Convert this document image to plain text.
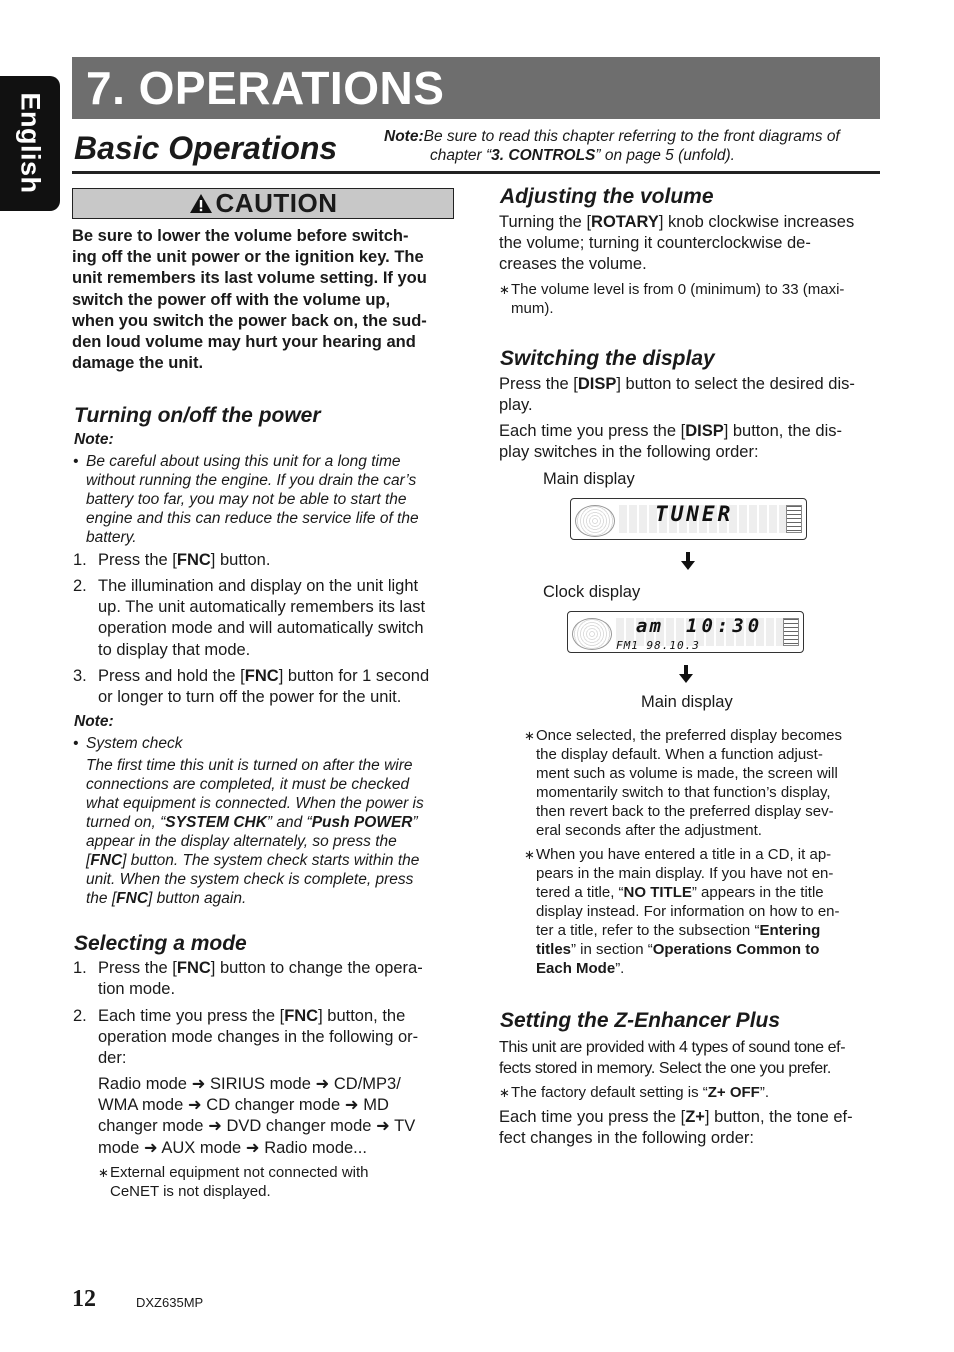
English
7. OPERATIONS
Basic Operations	Note:Be sure to read this chapter referring to the front diagrams of
chapter “3. CONTROLS” on page 5 (unfold).
CAUTION
Be sure to lower the volume before switch-
ing off the unit power or the ignition key. The
unit remembers its last volume setting. If you
switch the power off with the volume up,
when you switch the power back on, the sud-
den loud volume may hurt your hearing and
damage the unit.
Turning on/off the power
Note:
• Be careful about using this unit for a long time
without running the engine. If you drain the car’s
battery too far, you may not be able to start the
engine and this can reduce the service life of the
battery.
1. Press the [FNC] button.
2. The illumination and display on the unit light
up. The unit automatically remembers its last
operation mode and will automatically switch
to display that mode.
3. Press and hold the [FNC] button for 1 second
or longer to turn off the power for the unit.
Note:
• System check
The first time this unit is turned on after the wire
connections are completed, it must be checked
what equipment is connected. When the power is
turned on, “SYSTEM CHK” and “Push POWER”
appear in the display alternately, so press the
[FNC] button. The system check starts within the
unit. When the system check is complete, press
the [FNC] button again.
Selecting a mode
1. Press the [FNC] button to change the opera-
tion mode.
2. Each time you press the [FNC] button, the
operation mode changes in the following or-
der:
Radio mode ➜ SIRIUS mode ➜ CD/MP3/
WMA mode ➜ CD changer mode ➜ MD
changer mode ➜ DVD changer mode ➜ TV
mode ➜ AUX mode ➜ Radio mode...
∗ External equipment not connected with
CeNET is not displayed.
Adjusting the volume
Turning the [ROTARY] knob clockwise increases
the volume; turning it counterclockwise de-
creases the volume.
∗ The volume level is from 0 (minimum) to 33 (maxi-
mum).
Switching the display
Press the [DISP] button to select the desired dis-
play.
Each time you press the [DISP] button, the dis-
play switches in the following order:
Main display
TUNER
Clock display
am 10:30
FM1 98.10.3
Main display
∗ Once selected, the preferred display becomes
the display default. When a function adjust-
ment such as volume is made, the screen will
momentarily switch to that function’s display,
then revert back to the preferred display sev-
eral seconds after the adjustment.
∗ When you have entered a title in a CD, it ap-
pears in the main display. If you have not en-
tered a title, “NO TITLE” appears in the title
display instead. For information on how to en-
ter a title, refer to the subsection “Entering
titles” in section “Operations Common to
Each Mode”.
Setting the Z-Enhancer Plus
This unit are provided with 4 types of sound tone ef-
fects stored in memory. Select the one you prefer.
∗ The factory default setting is “Z+ OFF”.
Each time you press the [Z+] button, the tone ef-
fect changes in the following order:
12	DXZ635MP
